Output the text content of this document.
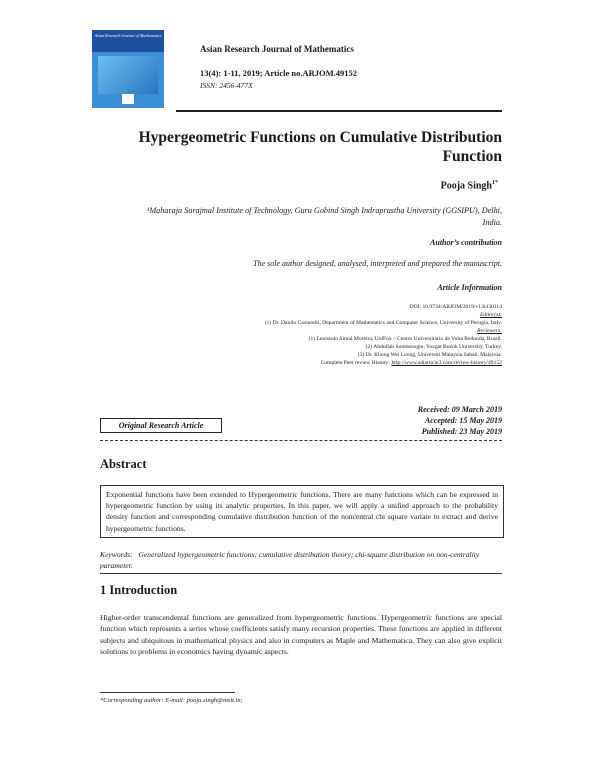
Asian Research Journal of Mathematics
Asian Research Journal of Mathematics
13(4): 1-11, 2019; Article no.ARJOM.49152
ISSN: 2456-477X
Hypergeometric Functions on Cumulative Distribution
Function
Pooja Singh$^{1*}$
¹Maharaja Surajmal Institute of Technology, Guru Gobind Singh Indraprastha University (GGSIPU), Delhi,
India.
Author’s contribution
The sole author designed, analysed, interpreted and prepared the manuscript.
Article Information
DOI: 10.9734/ARJOM/2019/v13i430114
Editor(s):
(1) Dr. Danilo Costarelli, Department of Mathematics and Computer Science, University of Perugia, Italy.
Reviewers:
(1) Leonardo Simal Moreira, UniFoa – Centro Universitário de Volta Redonda, Brazil.
(2) Abdullah Sonmezoglu, Yozgat Bozok University, Turkey.
(3) Dr. Khong Wei Leong, Universiti Malaysia Sabah, Malaysia.
Complete Peer review History: http://www.sdiarticle3.com/review-history/49152
Original Research Article
Received: 09 March 2019
Accepted: 15 May 2019
Published: 23 May 2019
Abstract
Exponential functions have been extended to Hypergeometric functions. There are many functions which can be expressed in hypergeometric function by using its analytic properties. In this paper, we will apply a unified approach to the probability density function and corresponding cumulative distribution function of the noncentral chi square variate to extract and derive hypergeometric functions.
Keywords: Generalized hypergeometric functions; cumulative distribution theory; chi-square distribution on non-centrality parameter.
1 Introduction
Higher-order transcendental functions are generalized from hypergeometric functions. Hypergeometric functions are special function which represents a series whose coefficients satisfy many recursion properties. These functions are applied in different subjects and ubiquitous in mathematical physics and also in computers as Maple and Mathematica. They can also give explicit solutions to problems in economics having dynamic aspects.
*Corresponding author: E-mail: pooja.singh@msit.in;
